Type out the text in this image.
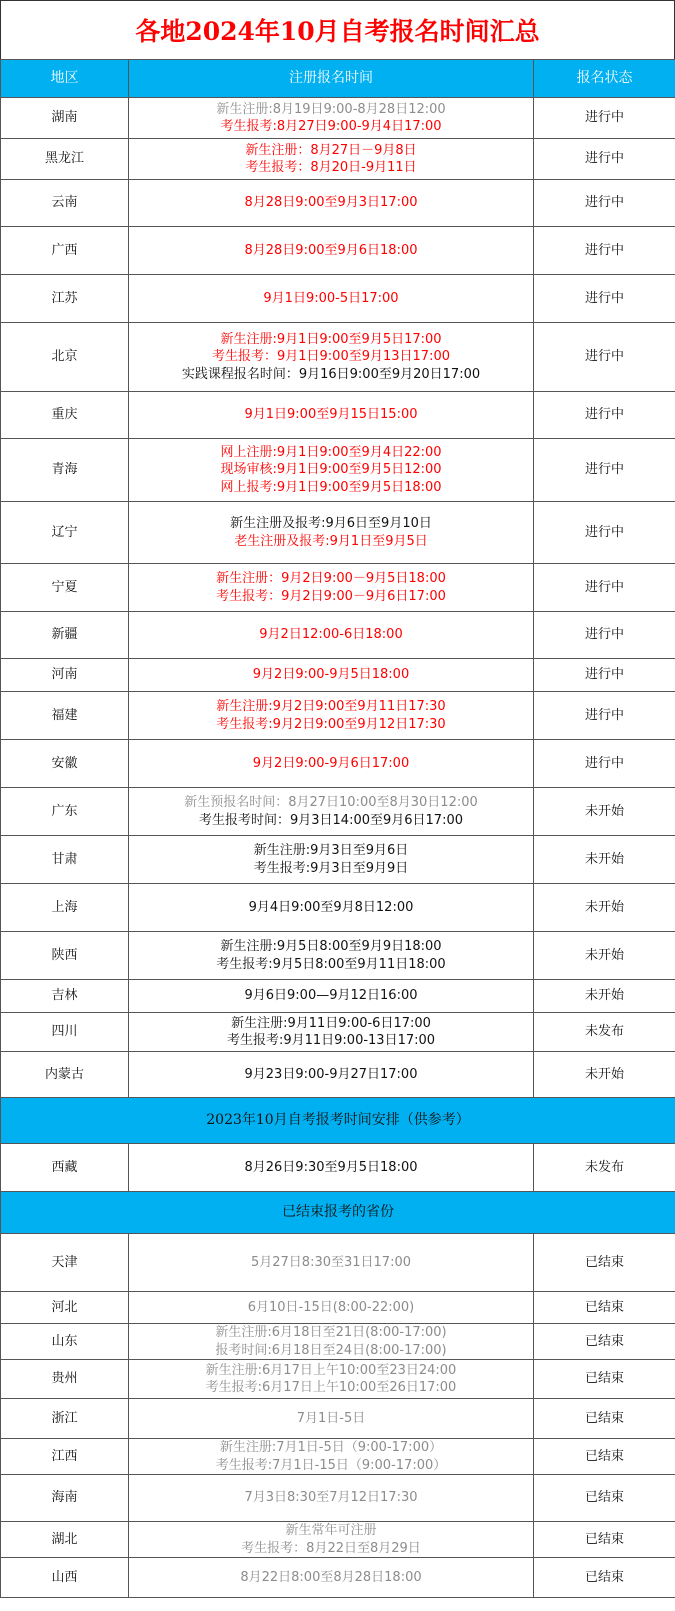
各地2024年10月自考报名时间汇总
地区	注册报名时间	报名状态
湖南	新生注册:8月19日9:00-8月28日12:00
考生报考:8月27日9:00-9月4日17:00	进行中
黑龙江	新生注册：8月27日－9月8日
考生报考：8月20日-9月11日	进行中
云南	8月28日9:00至9月3日17:00	进行中
广西	8月28日9:00至9月6日18:00	进行中
江苏	9月1日9:00-5日17:00	进行中
北京	新生注册:9月1日9:00至9月5日17:00
考生报考：9月1日9:00至9月13日17:00
实践课程报名时间：9月16日9:00至9月20日17:00	进行中
重庆	9月1日9:00至9月15日15:00	进行中
青海	网上注册:9月1日9:00至9月4日22:00
现场审核:9月1日9:00至9月5日12:00
网上报考:9月1日9:00至9月5日18:00	进行中
辽宁	新生注册及报考:9月6日至9月10日
老生注册及报考:9月1日至9月5日	进行中
宁夏	新生注册：9月2日9:00－9月5日18:00
考生报考：9月2日9:00－9月6日17:00	进行中
新疆	9月2日12:00-6日18:00	进行中
河南	9月2日9:00-9月5日18:00	进行中
福建	新生注册:9月2日9:00至9月11日17:30
考生报考:9月2日9:00至9月12日17:30	进行中
安徽	9月2日9:00-9月6日17:00	进行中
广东	新生预报名时间：8月27日10:00至8月30日12:00
考生报考时间：9月3日14:00至9月6日17:00	未开始
甘肃	新生注册:9月3日至9月6日
考生报考:9月3日至9月9日	未开始
上海	9月4日9:00至9月8日12:00	未开始
陕西	新生注册:9月5日8:00至9月9日18:00
考生报考:9月5日8:00至9月11日18:00	未开始
吉林	9月6日9:00—9月12日16:00	未开始
四川	新生注册:9月11日9:00-6日17:00
考生报考:9月11日9:00-13日17:00	未发布
内蒙古	9月23日9:00-9月27日17:00	未开始
2023年10月自考报考时间安排（供参考）		
西藏	8月26日9:30至9月5日18:00	未发布
已结束报考的省份		
天津	5月27日8:30至31日17:00	已结束
河北	6月10日-15日(8:00-22:00)	已结束
山东	新生注册:6月18日至21日(8:00-17:00)
报考时间:6月18日至24日(8:00-17:00)	已结束
贵州	新生注册:6月17日上午10:00至23日24:00
考生报考:6月17日上午10:00至26日17:00	已结束
浙江	7月1日-5日	已结束
江西	新生注册:7月1日-5日（9:00-17:00）
考生报考:7月1日-15日（9:00-17:00）	已结束
海南	7月3日8:30至7月12日17:30	已结束
湖北	新生常年可注册
考生报考：8月22日至8月29日	已结束
山西	8月22日8:00至8月28日18:00	已结束
